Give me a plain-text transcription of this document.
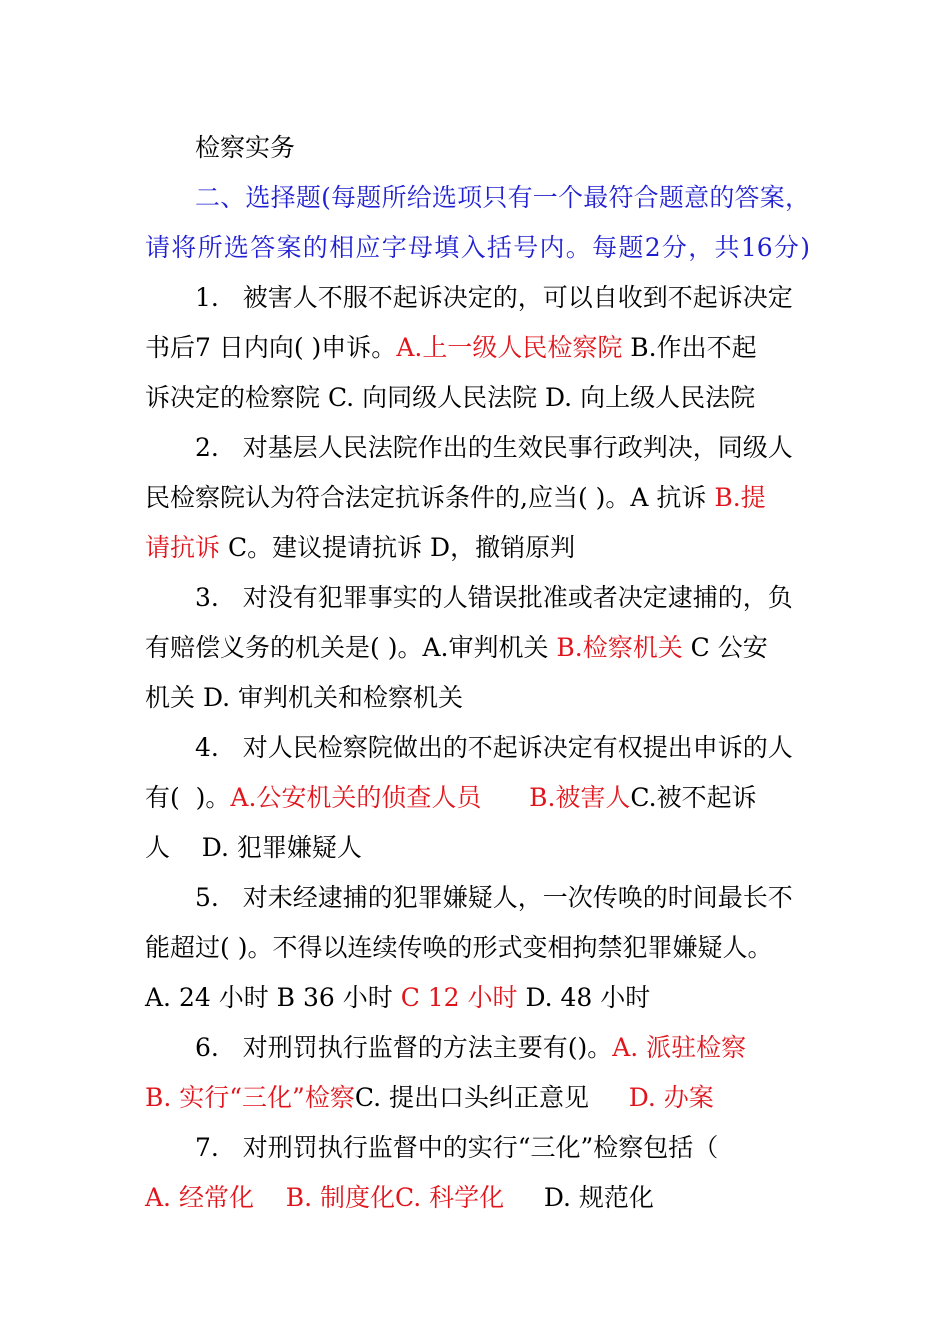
检察实务
二、选择题(每题所给选项只有一个最符合题意的答案，
请将所选答案的相应字母填入括号内。每题2分，共16分)
1.   被害人不服不起诉决定的，可以自收到不起诉决定
书后7 日内向( )申诉。A.上一级人民检察院 B.作出不起
诉决定的检察院 C. 向同级人民法院 D. 向上级人民法院
2.   对基层人民法院作出的生效民事行政判决，同级人
民检察院认为符合法定抗诉条件的,应当( )。A 抗诉 B.提
请抗诉 C。建议提请抗诉 D，撤销原判
3.   对没有犯罪事实的人错误批准或者决定逮捕的，负
有赔偿义务的机关是( )。A.审判机关 B.检察机关 C 公安
机关 D. 审判机关和检察机关
4.   对人民检察院做出的不起诉决定有权提出申诉的人
有(  )。A.公安机关的侦查人员      B.被害人C.被不起诉
人    D. 犯罪嫌疑人
5.   对未经逮捕的犯罪嫌疑人，一次传唤的时间最长不
能超过( )。不得以连续传唤的形式变相拘禁犯罪嫌疑人。
A. 24 小时 B 36 小时 C 12 小时 D. 48 小时
6.   对刑罚执行监督的方法主要有()。A. 派驻检察
B. 实行“三化”检察C. 提出口头纠正意见     D. 办案
7.   对刑罚执行监督中的实行“三化”检察包括（
A. 经常化    B. 制度化C. 科学化     D. 规范化
